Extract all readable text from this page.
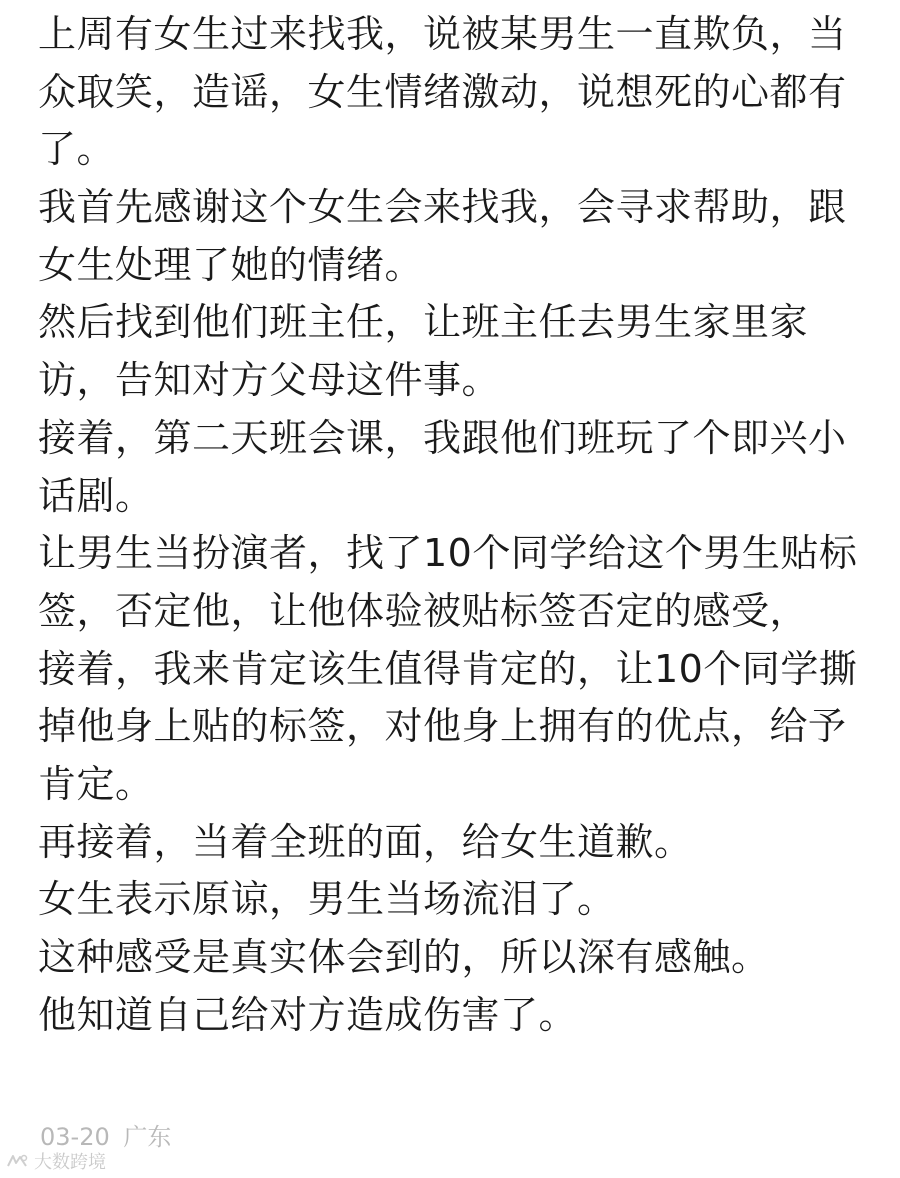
上周有女生过来找我，说被某男生一直欺负，当
众取笑，造谣，女生情绪激动，说想死的心都有
了。
我首先感谢这个女生会来找我，会寻求帮助，跟
女生处理了她的情绪。
然后找到他们班主任，让班主任去男生家里家
访，告知对方父母这件事。
接着，第二天班会课，我跟他们班玩了个即兴小
话剧。
让男生当扮演者，找了10个同学给这个男生贴标
签，否定他，让他体验被贴标签否定的感受，
接着，我来肯定该生值得肯定的，让10个同学撕
掉他身上贴的标签，对他身上拥有的优点，给予
肯定。
再接着，当着全班的面，给女生道歉。
女生表示原谅，男生当场流泪了。
这种感受是真实体会到的，所以深有感触。
他知道自己给对方造成伤害了。
03-20 广东
大数跨境
